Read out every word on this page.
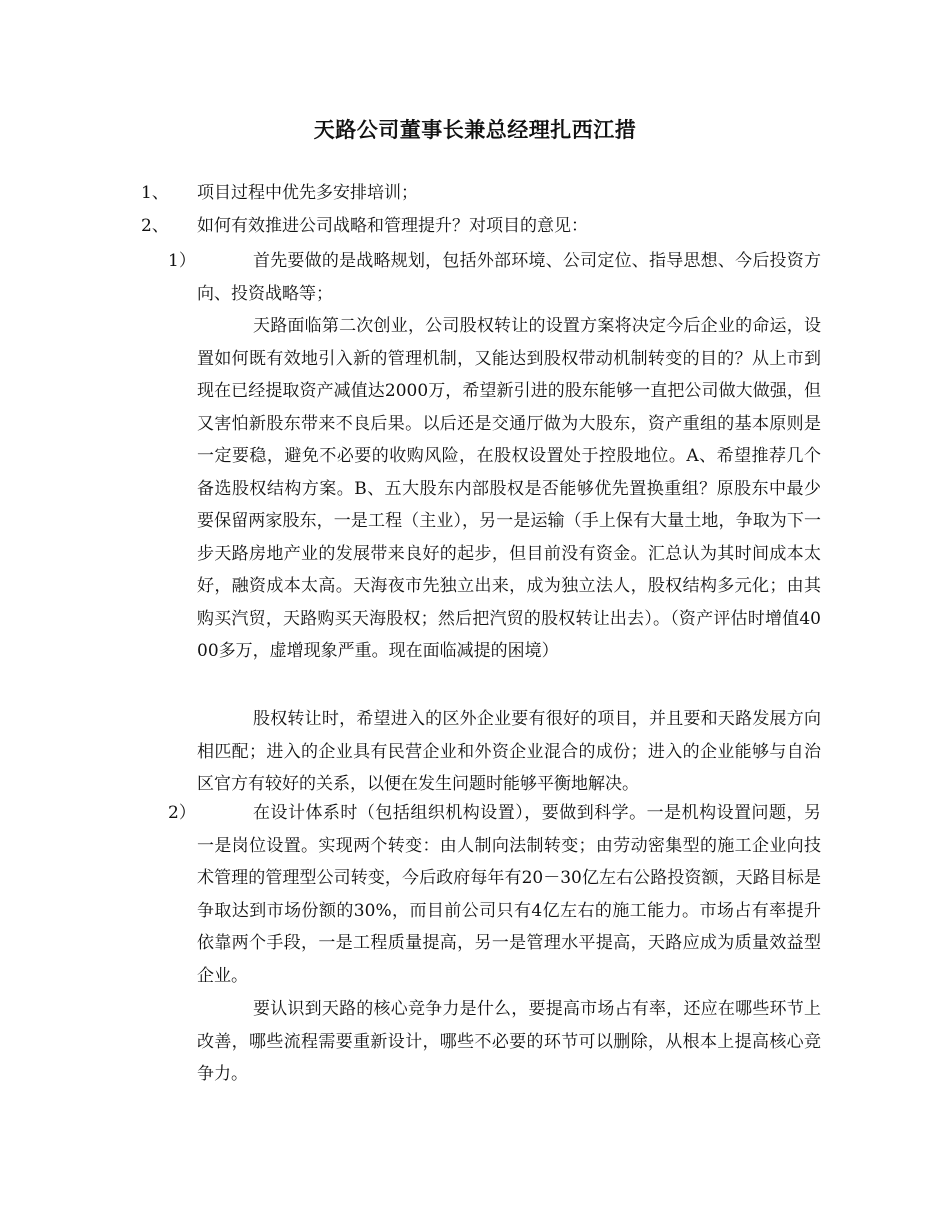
天路公司董事长兼总经理扎西江措
1、 项目过程中优先多安排培训；
2、 如何有效推进公司战略和管理提升？对项目的意见：
1）	首先要做的是战略规划，包括外部环境、公司定位、指导思想、今后投资方向、投资战略等；
天路面临第二次创业，公司股权转让的设置方案将决定今后企业的命运，设置如何既有效地引入新的管理机制，又能达到股权带动机制转变的目的？从上市到现在已经提取资产减值达2000万，希望新引进的股东能够一直把公司做大做强，但又害怕新股东带来不良后果。以后还是交通厅做为大股东，资产重组的基本原则是一定要稳，避免不必要的收购风险，在股权设置处于控股地位。A、希望推荐几个备选股权结构方案。B、五大股东内部股权是否能够优先置换重组？原股东中最少要保留两家股东，一是工程（主业），另一是运输（手上保有大量土地，争取为下一步天路房地产业的发展带来良好的起步，但目前没有资金。汇总认为其时间成本太好，融资成本太高。天海夜市先独立出来，成为独立法人，股权结构多元化；由其购买汽贸，天路购买天海股权；然后把汽贸的股权转让出去）。（资产评估时增值4000多万，虚增现象严重。现在面临减提的困境）
股权转让时，希望进入的区外企业要有很好的项目，并且要和天路发展方向相匹配；进入的企业具有民营企业和外资企业混合的成份；进入的企业能够与自治区官方有较好的关系，以便在发生问题时能够平衡地解决。
2）	在设计体系时（包括组织机构设置），要做到科学。一是机构设置问题，另一是岗位设置。实现两个转变：由人制向法制转变；由劳动密集型的施工企业向技术管理的管理型公司转变，今后政府每年有20－30亿左右公路投资额，天路目标是争取达到市场份额的30%，而目前公司只有4亿左右的施工能力。市场占有率提升依靠两个手段，一是工程质量提高，另一是管理水平提高，天路应成为质量效益型企业。
要认识到天路的核心竞争力是什么，要提高市场占有率，还应在哪些环节上改善，哪些流程需要重新设计，哪些不必要的环节可以删除，从根本上提高核心竞争力。
